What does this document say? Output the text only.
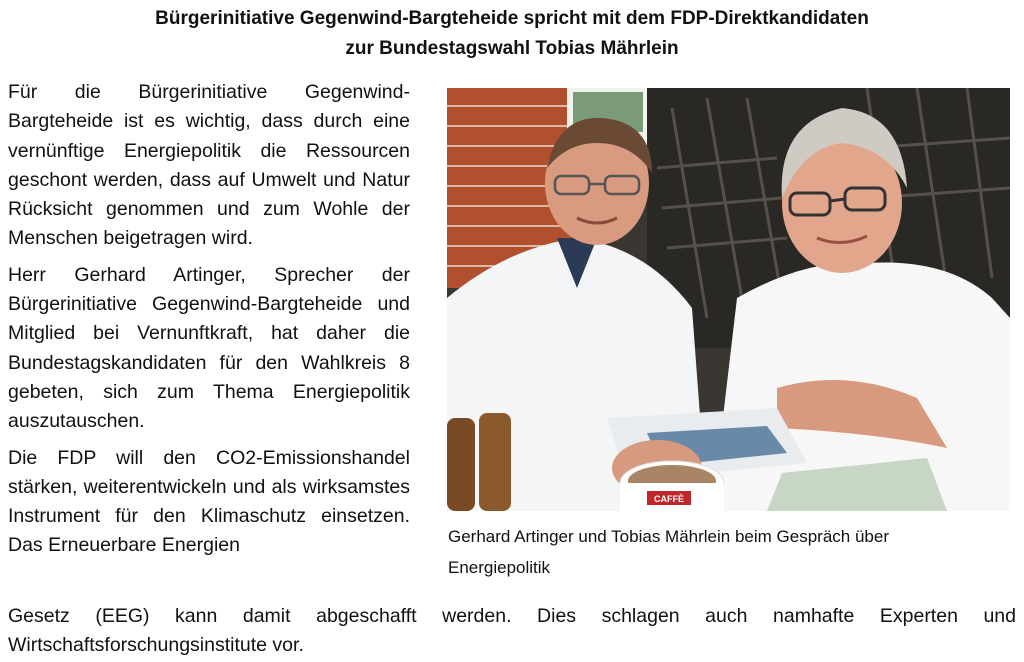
Bürgerinitiative Gegenwind-Bargteheide spricht mit dem FDP-Direktkandidaten
zur Bundestagswahl Tobias Mährlein

Für die Bürgerinitiative Gegenwind-Bargteheide ist es wichtig, dass durch eine vernünftige Energiepolitik die Ressourcen geschont werden, dass auf Umwelt und Natur Rücksicht genommen und zum Wohle der Menschen beigetragen wird.

Herr Gerhard Artinger, Sprecher der Bürgerinitiative Gegenwind-Bargteheide und Mitglied bei Vernunftkraft, hat daher die Bundestagskandidaten für den Wahlkreis 8 gebeten, sich zum Thema Energiepolitik auszutauschen.

Die FDP will den CO2-Emissionshandel stärken, weiterentwickeln und als wirksamstes Instrument für den Klimaschutz einsetzen. Das Erneuerbare Energien

CAFFÈ
Gerhard Artinger und Tobias Mährlein beim Gespräch über
Energiepolitik
Gesetz (EEG) kann damit abgeschafft werden. Dies schlagen auch namhafte Experten und Wirtschaftsforschungsinstitute vor.
